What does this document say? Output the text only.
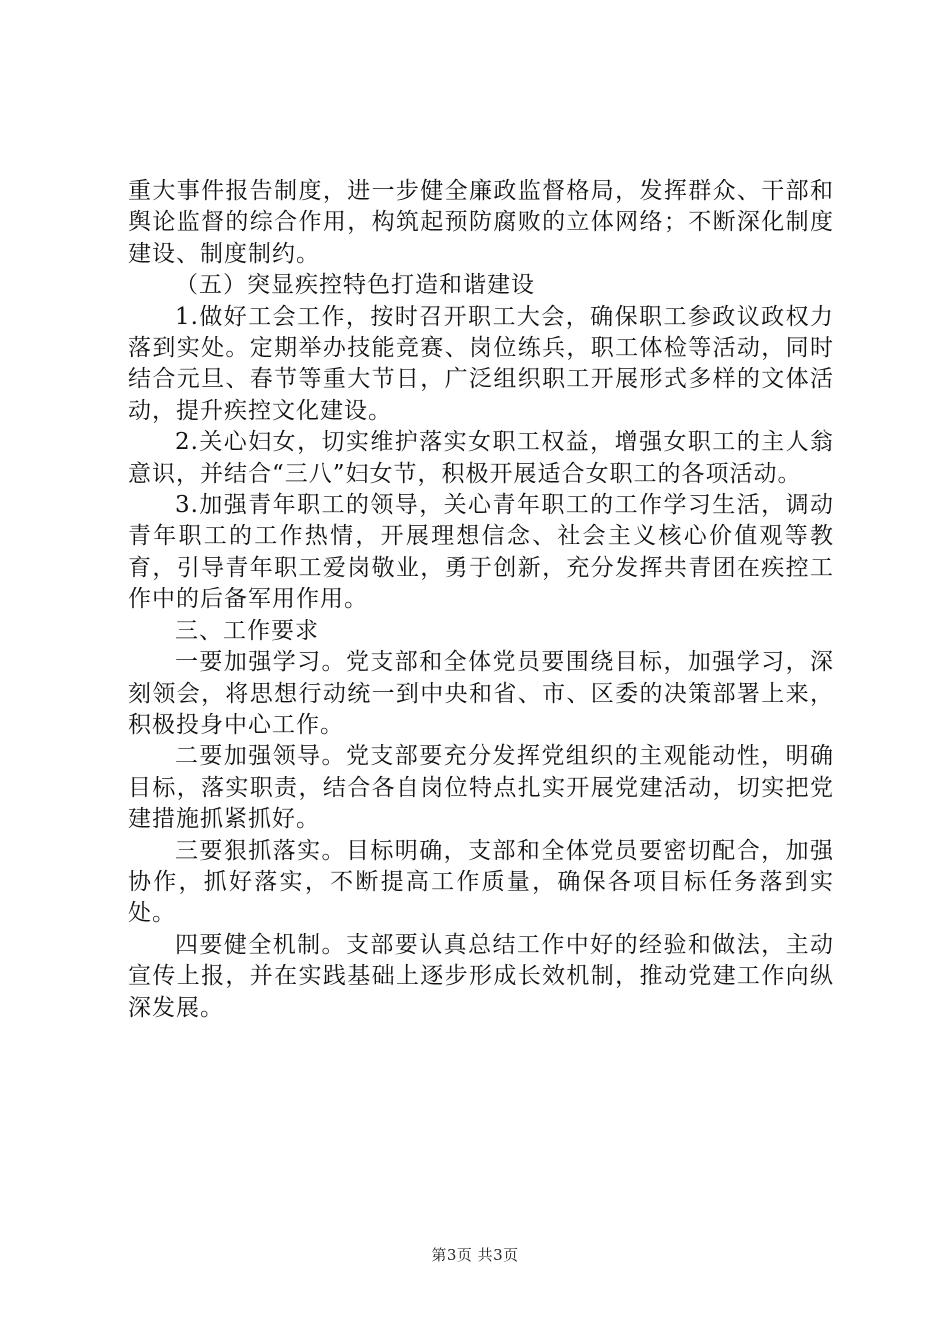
重大事件报告制度，进一步健全廉政监督格局，发挥群众、干部和舆论监督的综合作用，构筑起预防腐败的立体网络；不断深化制度建设、制度制约。

（五）突显疾控特色打造和谐建设

1.做好工会工作，按时召开职工大会，确保职工参政议政权力落到实处。定期举办技能竞赛、岗位练兵，职工体检等活动，同时结合元旦、春节等重大节日，广泛组织职工开展形式多样的文体活动，提升疾控文化建设。

2.关心妇女，切实维护落实女职工权益，增强女职工的主人翁意识，并结合“三八”妇女节，积极开展适合女职工的各项活动。

3.加强青年职工的领导，关心青年职工的工作学习生活，调动青年职工的工作热情，开展理想信念、社会主义核心价值观等教育，引导青年职工爱岗敬业，勇于创新，充分发挥共青团在疾控工作中的后备军用作用。

三、工作要求

一要加强学习。党支部和全体党员要围绕目标，加强学习，深刻领会，将思想行动统一到中央和省、市、区委的决策部署上来，积极投身中心工作。

二要加强领导。党支部要充分发挥党组织的主观能动性，明确目标，落实职责，结合各自岗位特点扎实开展党建活动，切实把党建措施抓紧抓好。

三要狠抓落实。目标明确，支部和全体党员要密切配合，加强协作，抓好落实，不断提高工作质量，确保各项目标任务落到实处。

四要健全机制。支部要认真总结工作中好的经验和做法，主动宣传上报，并在实践基础上逐步形成长效机制，推动党建工作向纵深发展。

第3页 共3页
